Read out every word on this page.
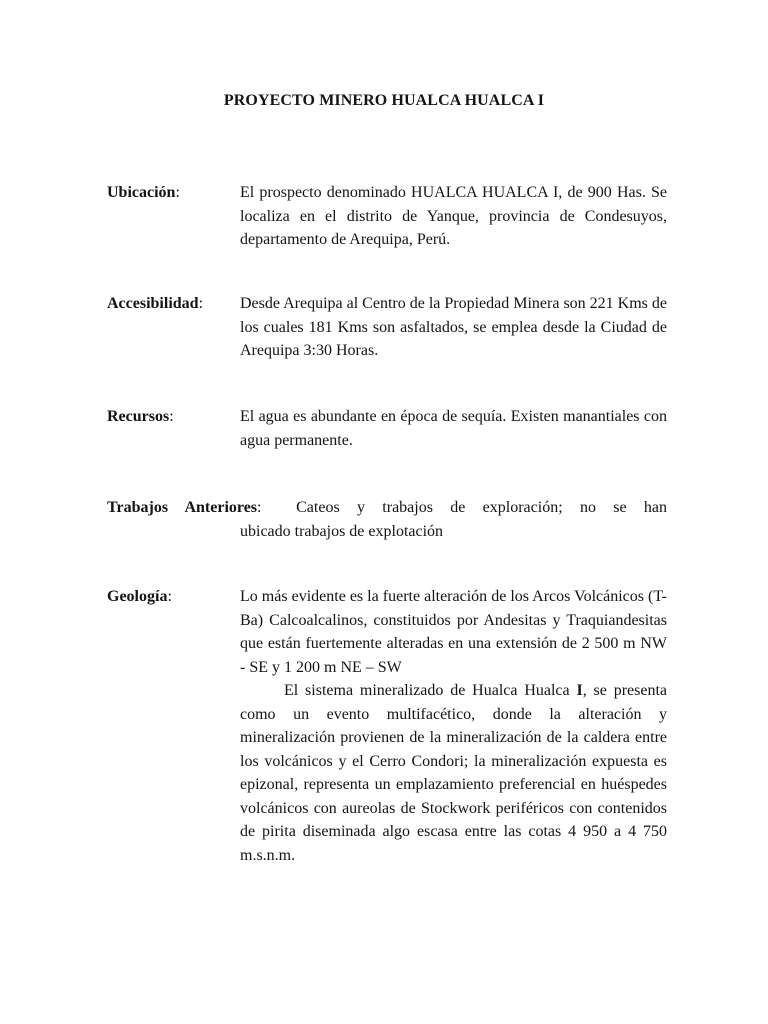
PROYECTO MINERO HUALCA HUALCA I
Ubicación:	El prospecto denominado HUALCA HUALCA I, de 900 Has. Se localiza en el distrito de Yanque, provincia de Condesuyos, departamento de Arequipa, Perú.

Accesibilidad: Desde Arequipa al Centro de la Propiedad Minera son 221 Kms de los cuales 181 Kms son asfaltados, se emplea desde la Ciudad de Arequipa 3:30 Horas.

Recursos:	El agua es abundante en época de sequía. Existen manantiales con agua permanente.

Trabajos Anteriores: Cateos y trabajos de exploración; no se han

ubicado trabajos de explotación

Geología:	Lo más evidente es la fuerte alteración de los Arcos Volcánicos (T-Ba) Calcoalcalinos, constituidos por Andesitas y Traquiandesitas que están fuertemente alteradas en una extensión de 2 500 m NW - SE y 1 200 m NE – SW

El sistema mineralizado de Hualca Hualca I, se presenta como un evento multifacético, donde la alteración y mineralización provienen de la mineralización de la caldera entre los volcánicos y el Cerro Condori; la mineralización expuesta es epizonal, representa un emplazamiento preferencial en huéspedes volcánicos con aureolas de Stockwork periféricos con contenidos de pirita diseminada algo escasa entre las cotas 4 950 a 4 750 m.s.n.m.
